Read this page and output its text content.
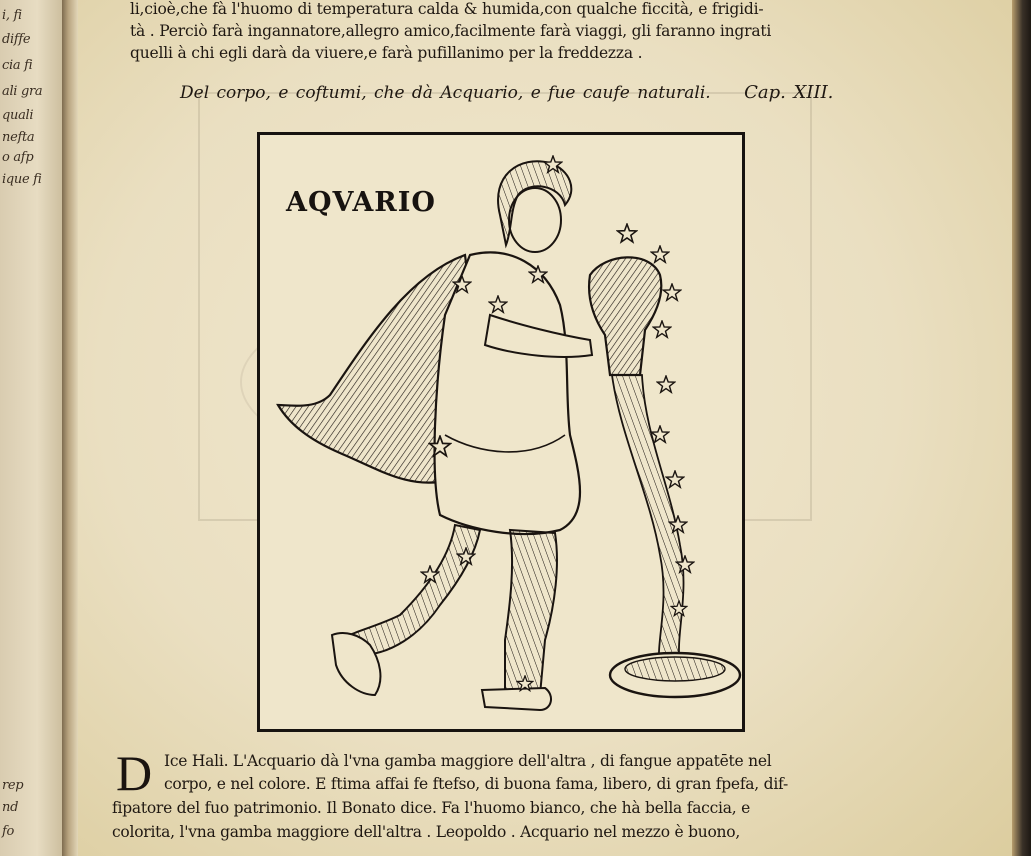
i, fi
diffe
cia fi
ali gra
quali
nefta
o afp
ique fi
rep
nd
fo
li,cioè,che fà l'huomo di temperatura calda & humida,con qualche ficcità, e frigidi-
tà . Perciò farà ingannatore,allegro amico,facilmente farà viaggi, gli faranno ingrati
quelli à chi egli darà da viuere,e farà pufillanimo per la freddezza .
Del corpo, e coftumi, che dà Acquario, e fue caufe naturali. Cap. XIII.
AQVARIO
D Ice Hali. L'Acquario dà l'vna gamba maggiore dell'altra , di fangue appatēte nel
corpo, e nel colore. E ftima affai fe ftefso, di buona fama, libero, di gran fpefa, dif-
fipatore del fuo patrimonio. Il Bonato dice. Fa l'huomo bianco, che hà bella faccia, e
colorita, l'vna gamba maggiore dell'altra . Leopoldo . Acquario nel mezzo è buono,
